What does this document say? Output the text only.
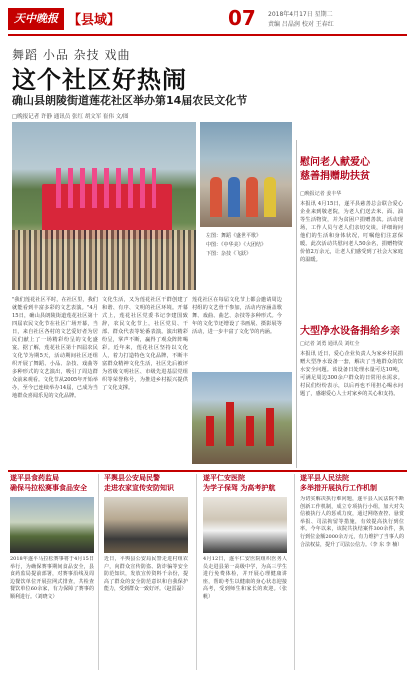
天中晚报 【县域】	07 2018年4月17日 星期二
责编 吕晶润 校对 王春红
舞蹈 小品 杂技 戏曲
这个社区好热闹
确山县朗陵街道莲花社区举办第14届农民文化节
□晚报记者 许静 通讯员 张红 胡文军 崔伟 文/图
左图：舞蹈《盛世平歌》
中图：《中华美》《大团结》
下图：杂技《飞跃》
"我们莲花社区平时，在社区里，我们就能看到丰富多彩的文艺表演。"4月15日，确山县朗陵街道莲花社区第十四届农民文化节在社区广场开幕，当日，来自社区各村的文艺爱好者为居民们献上了一场精彩纷呈的文化盛宴。据了解，莲花社区第十四届农民文化节为期5天，活动期间社区还组织开展了舞蹈、小品、杂技、戏曲等多种形式的文艺演出，吸引了周边群众前来观看。文化节从2005年开始举办，至今已连续举办14届，已成为当地群众喜闻乐见的文化品牌。
文化生活，又为莲花社区干群创建了和谐、有序、文明的社区环境。开幕式上，莲花社区党委书记李建国致辞，农民文化节上，社区党员、干部、群众代表等轮番表演。演出精彩纷呈，掌声不断，赢得了观众阵阵喝彩。近年来，莲花社区坚持以文化人，着力打造特色文化品牌，不断丰富群众精神文化生活，社区先后被评为省级文明社区、市级先进基层党组织等荣誉称号，为推进乡村振兴提供了文化支撑。
莲花社区在每届文化节上都会邀请周边村组的文艺骨干参加，活动内容涵盖歌舞、戏曲、曲艺、杂技等多种形式。今年的文化节还增设了书画展、摄影展等活动，进一步丰富了文化节的内涵。
慰问老人献爱心
慈善捐赠助扶贫
□晚报记者 姜丰华
本报讯 4月15日，遂平县慈善总会联合爱心企业来到敬老院，为老人们送去米、面、油等生活物资，并为贫困户捐赠善款。活动现场，工作人员与老人们亲切交谈，详细询问他们的生活和身体状况，叮嘱他们注意保暖。此次活动共慰问老人50余名，捐赠物资价值2万余元，让老人们感受到了社会大家庭的温暖。
大型净水设备捐给乡亲
□记者 刘勇 通讯员 刘红全
本报讯 近日，爱心企业负责人为家乡村民捐赠大型净水设备一套，解决了当地群众的饮水安全问题。该设备日处理水量可达10吨，可满足周边300余户群众的日常用水需求。村民们纷纷表示，以后再也不用担心喝水问题了，感谢爱心人士对家乡的关心和支持。
遂平县食药监局
确保马拉松赛事食品安全
2018年遂平马拉松赛事将于4月15日举行，为确保赛事期间食品安全，县食药监局提前部署，对赛事沿线及周边餐饮单位开展拉网式排查，共检查餐饮单位60余家，有力保障了赛事的顺利进行。（刘晓文）
平舆县公安局民警
走进农家宣传安防知识
近日，平舆县公安局民警走进村组农户，向群众宣传防盗、防诈骗等安全防范知识，发放宣传资料千余份，提高了群众的安全防范意识和自我保护能力，受到群众一致好评。（赵雷磊）
遂平仁安医院
为学子保驾 为高考护航
4月12日，遂平仁安医院组织医务人员走进县第一高级中学，为高三学生进行免费体检，并开展心理健康讲座，帮助考生以健康的身心状态迎接高考，受到师生和家长的欢迎。（张 帆）
遂平县人民法院
多举措开展执行工作机制
为切实解决执行难问题，遂平县人民法院不断创新工作机制，成立专项执行小组，加大对失信被执行人的惩戒力度，通过网络查控、悬赏举报、司法拘留等措施，有效提高执行到位率。今年以来，该院共执结案件300余件，执行到位金额2000余万元，有力维护了当事人的合法权益，提升了司法公信力。（李 东 李 楠）
